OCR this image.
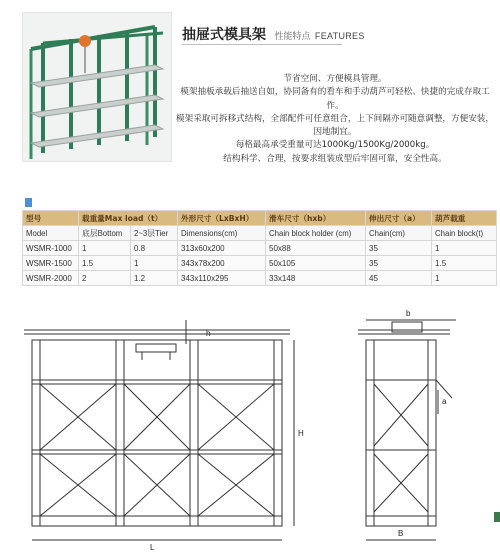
抽屉式模具架 性能特点 FEATURES

节省空间、方便模具管理。

模架抽板承载后抽送自如，协同备有的看车和手动葫芦可轻松、快捷的完成存取工作。

模架采取可拆移式结构，全部配件可任意组合，上下间隔亦可随意调整，方便安装，因地制宜。

每格最高承受重量可达1000Kg/1500Kg/2000kg。

结构科学、合理，按要求组装成型后牢固可靠，安全性高。

型号	载重量Max load（t）		外形尺寸（LxBxH）	滑车尺寸（hxb）	伸出尺寸（a）	葫芦载重
Model	底层Bottom	2~3层Tier	Dimensions(cm)	Chain block holder (cm)	Chain(cm)	Chain block(t)
WSMR-1000	1	0.8	313x60x200	50x88	35	1
WSMR-1500	1.5	1	343x78x200	50x105	35	1.5
WSMR-2000	2	1.2	343x110x295	33x148	45	1
h
H
L
b
a
B
